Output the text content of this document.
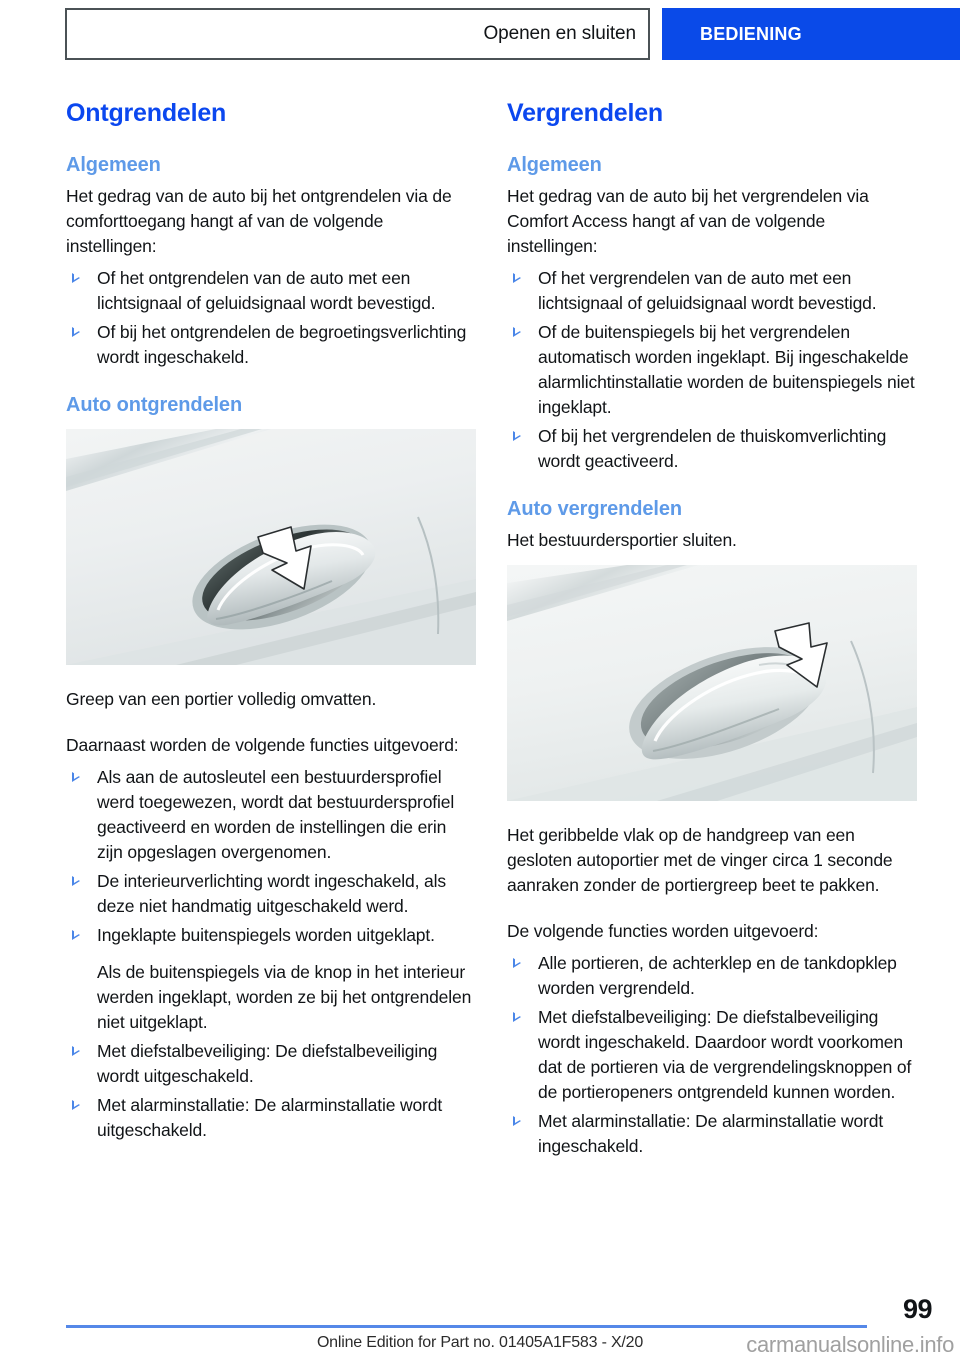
Openen en sluiten	BEDIENING
Ontgrendelen
Algemeen

Het gedrag van de auto bij het ontgrendelen via de comforttoegang hangt af van de volgende instellingen:

Of het ontgrendelen van de auto met een lichtsignaal of geluidsignaal wordt bevestigd.
Of bij het ontgrendelen de begroetingsverlichting wordt ingeschakeld.
Auto ontgrendelen

Greep van een portier volledig omvatten.

Daarnaast worden de volgende functies uitgevoerd:

Als aan de autosleutel een bestuurdersprofiel werd toegewezen, wordt dat bestuurdersprofiel geactiveerd en worden de instellingen die erin zijn opgeslagen overgenomen.
De interieurverlichting wordt ingeschakeld, als deze niet handmatig uitgeschakeld werd.
Ingeklapte buitenspiegels worden uitgeklapt.
Als de buitenspiegels via de knop in het interieur werden ingeklapt, worden ze bij het ontgrendelen niet uitgeklapt.
Met diefstalbeveiliging: De diefstalbeveiliging wordt uitgeschakeld.
Met alarminstallatie: De alarminstallatie wordt uitgeschakeld.
Vergrendelen
Algemeen

Het gedrag van de auto bij het vergrendelen via Comfort Access hangt af van de volgende instellingen:

Of het vergrendelen van de auto met een lichtsignaal of geluidsignaal wordt bevestigd.
Of de buitenspiegels bij het vergrendelen automatisch worden ingeklapt. Bij ingeschakelde alarmlichtinstallatie worden de buitenspiegels niet ingeklapt.
Of bij het vergrendelen de thuiskomverlichting wordt geactiveerd.
Auto vergrendelen

Het bestuurdersportier sluiten.

Het geribbelde vlak op de handgreep van een gesloten autoportier met de vinger circa 1 seconde aanraken zonder de portiergreep beet te pakken.

De volgende functies worden uitgevoerd:

Alle portieren, de achterklep en de tankdopklep worden vergrendeld.
Met diefstalbeveiliging: De diefstalbeveiliging wordt ingeschakeld. Daardoor wordt voorkomen dat de portieren via de vergrendelingsknoppen of de portieropeners ontgrendeld kunnen worden.
Met alarminstallatie: De alarminstallatie wordt ingeschakeld.
99
Online Edition for Part no. 01405A1F583 - X/20	carmanualsonline.info
